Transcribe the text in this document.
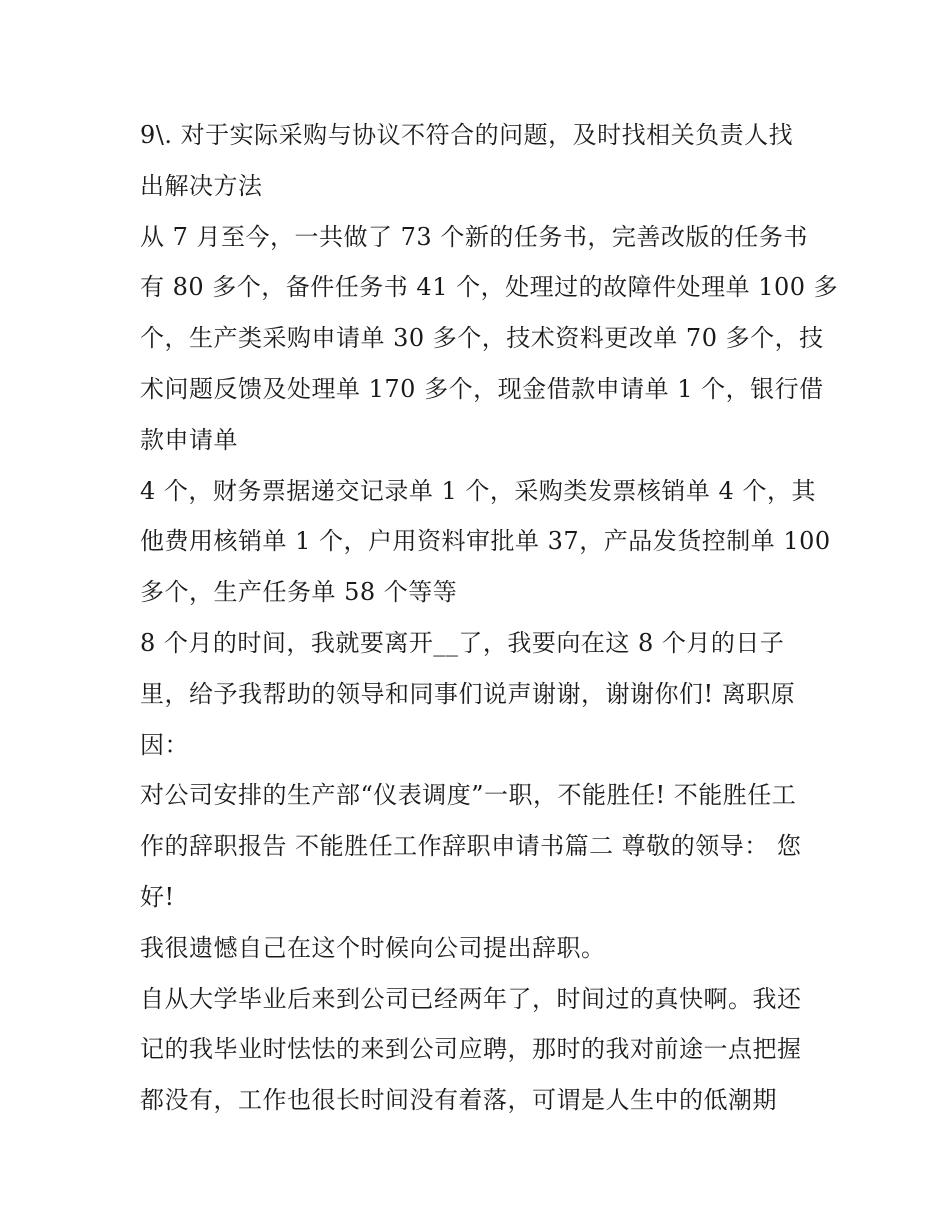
9\. 对于实际采购与协议不符合的问题，及时找相关负责人找
出解决方法
从 7 月至今，一共做了 73 个新的任务书，完善改版的任务书
有 80 多个，备件任务书 41 个，处理过的故障件处理单 100 多
个，生产类采购申请单 30 多个，技术资料更改单 70 多个，技
术问题反馈及处理单 170 多个，现金借款申请单 1 个，银行借
款申请单
4 个，财务票据递交记录单 1 个，采购类发票核销单 4 个，其
他费用核销单 1 个，户用资料审批单 37，产品发货控制单 100
多个，生产任务单 58 个等等
8 个月的时间，我就要离开__了，我要向在这 8 个月的日子
里，给予我帮助的领导和同事们说声谢谢，谢谢你们! 离职原
因：
对公司安排的生产部“仪表调度”一职，不能胜任! 不能胜任工
作的辞职报告 不能胜任工作辞职申请书篇二 尊敬的领导： 您
好!
我很遗憾自己在这个时候向公司提出辞职。
自从大学毕业后来到公司已经两年了，时间过的真快啊。我还
记的我毕业时怯怯的来到公司应聘，那时的我对前途一点把握
都没有，工作也很长时间没有着落，可谓是人生中的低潮期
